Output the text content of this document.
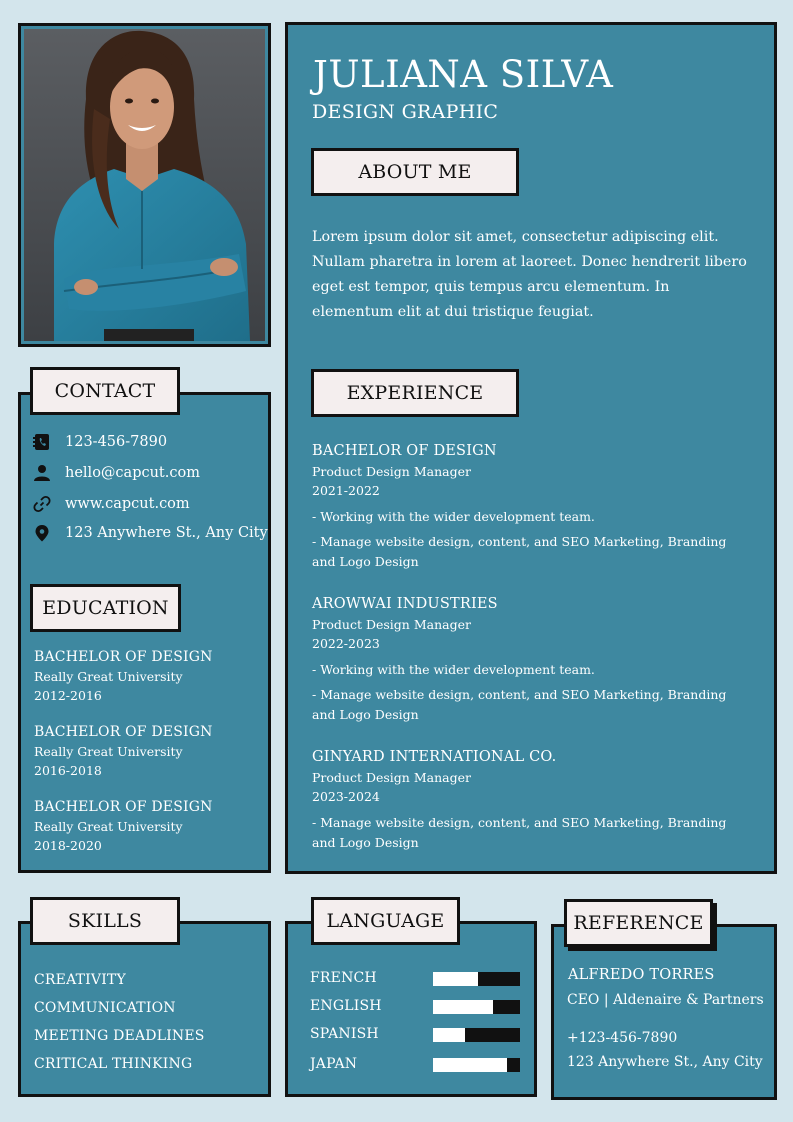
JULIANA SILVA
DESIGN GRAPHIC
ABOUT ME

Lorem ipsum dolor sit amet, consectetur adipiscing elit. Nullam pharetra in lorem at laoreet. Donec hendrerit libero eget est tempor, quis tempus arcu elementum. In elementum elit at dui tristique feugiat.

EXPERIENCE
BACHELOR OF DESIGN
Product Design Manager
2021-2022
- Working with the wider development team.
- Manage website design, content, and SEO Marketing, Branding and Logo Design
AROWWAI INDUSTRIES
Product Design Manager
2022-2023
- Working with the wider development team.
- Manage website design, content, and SEO Marketing, Branding and Logo Design
GINYARD INTERNATIONAL CO.
Product Design Manager
2023-2024
- Manage website design, content, and SEO Marketing, Branding and Logo Design
123-456-7890
hello@capcut.com
www.capcut.com
123 Anywhere St., Any City
BACHELOR OF DESIGN
Really Great University
2012-2016
BACHELOR OF DESIGN
Really Great University
2016-2018
BACHELOR OF DESIGN
Really Great University
2018-2020
CONTACT
EDUCATION
CREATIVITY
COMMUNICATION
MEETING DEADLINES
CRITICAL THINKING
SKILLS
FRENCH
ENGLISH
SPANISH
JAPAN
LANGUAGE
ALFREDO TORRES
CEO | Aldenaire & Partners
+123-456-7890
123 Anywhere St., Any City
REFERENCE
